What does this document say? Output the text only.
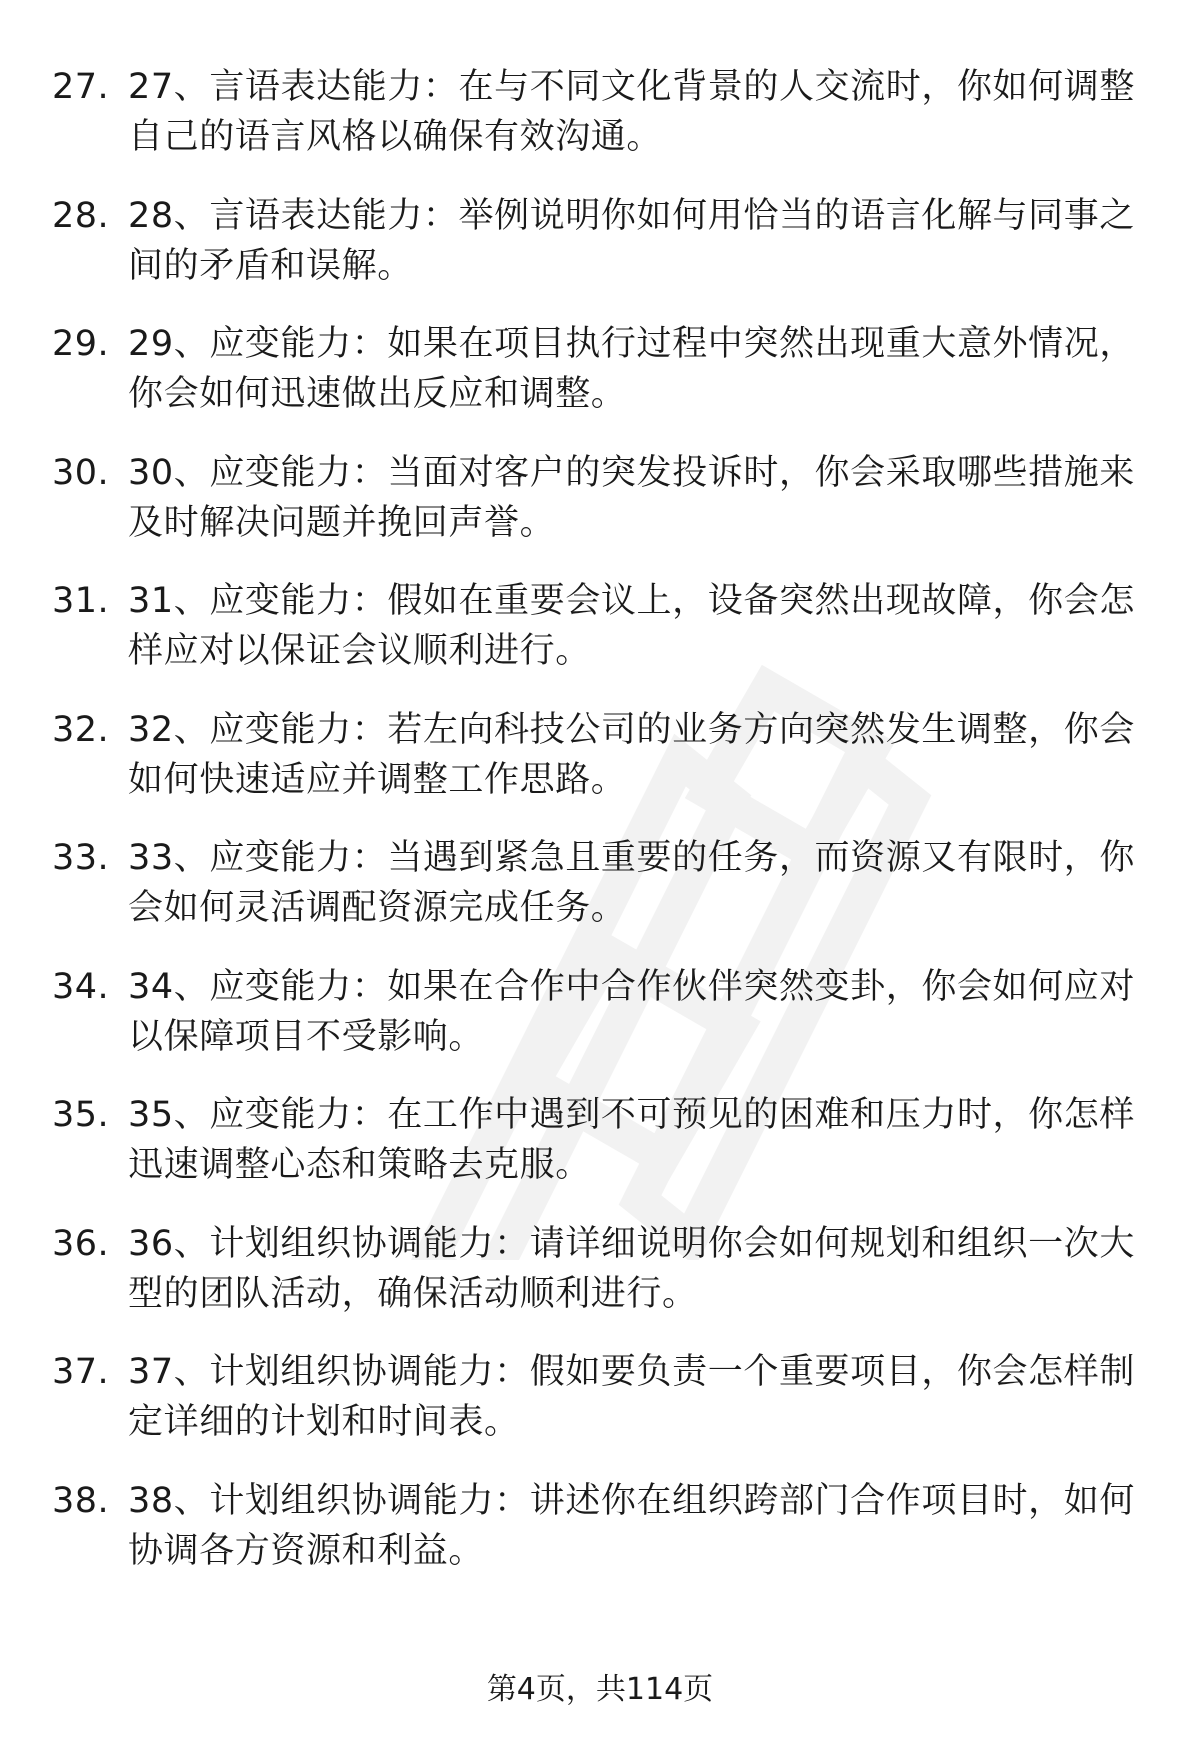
27. 27、言语表达能力：在与不同文化背景的人交流时，你如何调整自己的语言风格以确保有效沟通。
28. 28、言语表达能力：举例说明你如何用恰当的语言化解与同事之间的矛盾和误解。
29. 29、应变能力：如果在项目执行过程中突然出现重大意外情况，你会如何迅速做出反应和调整。
30. 30、应变能力：当面对客户的突发投诉时，你会采取哪些措施来及时解决问题并挽回声誉。
31. 31、应变能力：假如在重要会议上，设备突然出现故障，你会怎样应对以保证会议顺利进行。
32. 32、应变能力：若左向科技公司的业务方向突然发生调整，你会如何快速适应并调整工作思路。
33. 33、应变能力：当遇到紧急且重要的任务，而资源又有限时，你会如何灵活调配资源完成任务。
34. 34、应变能力：如果在合作中合作伙伴突然变卦，你会如何应对以保障项目不受影响。
35. 35、应变能力：在工作中遇到不可预见的困难和压力时，你怎样迅速调整心态和策略去克服。
36. 36、计划组织协调能力：请详细说明你会如何规划和组织一次大型的团队活动，确保活动顺利进行。
37. 37、计划组织协调能力：假如要负责一个重要项目，你会怎样制定详细的计划和时间表。
38. 38、计划组织协调能力：讲述你在组织跨部门合作项目时，如何协调各方资源和利益。
第4页，共114页
